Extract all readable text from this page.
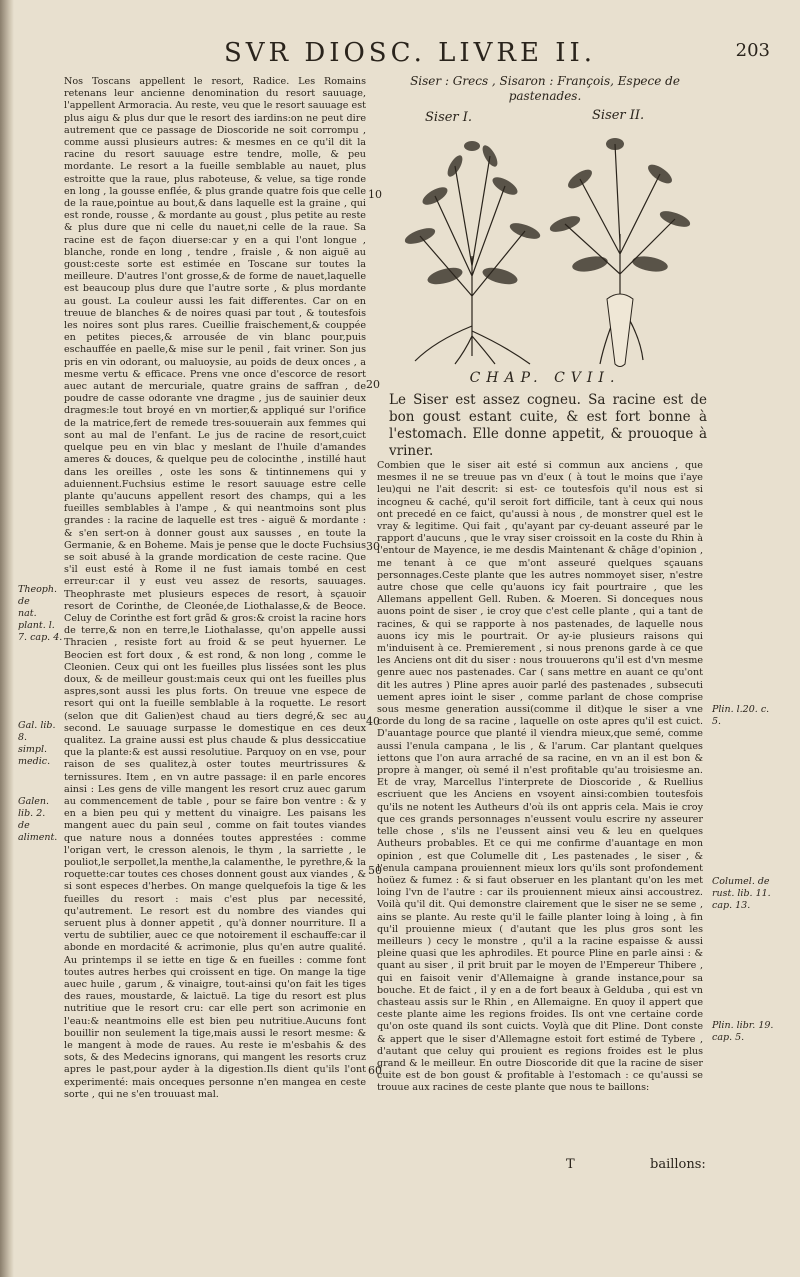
SVR DIOSC. LIVRE II.	203

Nos Toscans appellent le resort, Radice. Les Romains retenans leur ancienne denomination du resort sauuage, l'appellent Armoracia. Au reste, veu que le resort sauuage est plus aigu & plus dur que le resort des iardins:on ne peut dire autrement que ce passage de Dioscoride ne soit corrompu , comme aussi plusieurs autres: & mesmes en ce qu'il dit la racine du resort sauuage estre tendre, molle, & peu mordante. Le resort a la fueille semblable au nauet, plus estroitte que la raue, plus raboteuse, & velue, sa tige ronde en long , la gousse enflée, & plus grande quatre fois que celle de la raue,pointue au bout,& dans laquelle est la graine , qui est ronde, rousse , & mordante au goust , plus petite au reste & plus dure que ni celle du nauet,ni celle de la raue. Sa racine est de façon diuerse:car y en a qui l'ont longue , blanche, ronde en long , tendre , fraisle , & non aiguë au goust:ceste sorte est estimée en Toscane sur toutes la meilleure. D'autres l'ont grosse,& de forme de nauet,laquelle est beaucoup plus dure que l'autre sorte , & plus mordante au goust. La couleur aussi les fait differentes. Car on en treuue de blanches & de noires quasi par tout , & toutesfois les noires sont plus rares. Cueillie fraischement,& couppée en petites pieces,& arrousée de vin blanc pour,puis eschauffée en paelle,& mise sur le penil , fait vriner. Son jus pris en vin odorant, ou maluoysie, au poids de deux onces , a mesme vertu & efficace. Prens vne once d'escorce de resort auec autant de mercuriale, quatre grains de saffran , de poudre de casse odorante vne dragme , jus de sauinier deux dragmes:le tout broyé en vn mortier,& appliqué sur l'orifice de la matrice,fert de remede tres-souuerain aux femmes qui sont au mal de l'enfant. Le jus de racine de resort,cuict quelque peu en vin blac y meslant de l'huile d'amandes ameres & douces, & quelque peu de colocinthe , instillé haut dans les oreilles , oste les sons & tintinnemens qui y aduiennent.Fuchsius estime le resort sauuage estre celle plante qu'aucuns appellent resort des champs, qui a les fueilles semblables à l'ampe , & qui neantmoins sont plus grandes : la racine de laquelle est tres - aiguë & mordante : & s'en sert-on à donner goust aux sausses , en toute la Germanie, & en Boheme. Mais je pense que le docte Fuchsius se soit abusé à la grande mordication de ceste racine. Que s'il eust esté à Rome il ne fust iamais tombé en cest erreur:car il y eust veu assez de resorts, sauuages. Theophraste met plusieurs especes de resort, à sçauoir resort de Corinthe, de Cleonée,de Liothalasse,& de Beoce. Celuy de Corinthe est fort grãd & gros:& croist la racine hors de terre,& non en terre,le Liothalasse, qu'on appelle aussi Thracien , resiste fort au froid & se peut hyuerner. Le Beocien est fort doux , & est rond, & non long , comme le Cleonien. Ceux qui ont les fueilles plus lissées sont les plus doux, & de meilleur goust:mais ceux qui ont les fueilles plus aspres,sont aussi les plus forts. On treuue vne espece de resort qui ont la fueille semblable à la roquette. Le resort (selon que dit Galien)est chaud au tiers degré,& sec au second. Le sauuage surpasse le domestique en ces deux qualitez. La graine aussi est plus chaude & plus dessiccatiue que la plante:& est aussi resolutiue. Parquoy on en vse, pour raison de ses qualitez,à oster toutes meurtrissures & ternissures. Item , en vn autre passage: il en parle encores ainsi : Les gens de ville mangent les resort cruz auec garum au commencement de table , pour se faire bon ventre : & y en a bien peu qui y mettent du vinaigre. Les paisans les mangent auec du pain seul , comme on fait toutes viandes que nature nous a données toutes apprestées : comme l'origan vert, le cresson alenois, le thym , la sarriette , le pouliot,le serpollet,la menthe,la calamenthe, le pyrethre,& la roquette:car toutes ces choses donnent goust aux viandes , & si sont especes d'herbes. On mange quelquefois la tige & les fueilles du resort : mais c'est plus par necessité, qu'autrement. Le resort est du nombre des viandes qui seruent plus à donner appetit , qu'à donner nourriture. Il a vertu de subtilier, auec ce que notoirement il eschauffe:car il abonde en mordacité & acrimonie, plus qu'en autre qualité. Au printemps il se iette en tige & en fueilles : comme font toutes autres herbes qui croissent en tige. On mange la tige auec huile , garum , & vinaigre, tout-ainsi qu'on fait les tiges des raues, moustarde, & laictuë. La tige du resort est plus nutritiue que le resort cru: car elle pert son acrimonie en l'eau:& neantmoins elle est bien peu nutritiue.Aucuns font bouillir non seulement la tige,mais aussi le resort mesme: & le mangent à mode de raues. Au reste ie m'esbahis & des sots, & des Medecins ignorans, qui mangent les resorts cruz apres le past,pour ayder à la digestion.Ils dient qu'ils l'ont experimenté: mais onceques personne n'en mangea en ceste sorte , qui ne s'en trouuast mal.

Siser : Grecs , Sisaron : François, Espece de pastenades.
Siser I.	Siser II.
CHAP. CVII.
Le Siser est assez cogneu. Sa racine est de bon goust estant cuite, & est fort bonne à l'estomach. Elle donne appetit, & prouoque à vriner.

Combien que le siser ait esté si commun aux anciens , que mesmes il ne se treuue pas vn d'eux ( à tout le moins que i'aye leu)qui ne l'ait descrit: si est- ce toutesfois qu'il nous est si incogneu & caché, qu'il seroit fort difficile, tant à ceux qui nous ont precedé en ce faict, qu'aussi à nous , de monstrer quel est le vray & legitime. Qui fait , qu'ayant par cy-deuant asseuré par le rapport d'aucuns , que le vray siser croissoit en la coste du Rhin à l'entour de Mayence, ie me desdis Maintenant & chãge d'opinion , me tenant à ce que m'ont asseuré quelques sçauans personnages.Ceste plante que les autres nommoyet siser, n'estre autre chose que celle qu'auons icy fait pourtraire , que les Allemans appellent Gell. Ruben. & Moeren. Si donceques nous auons point de siser , ie croy que c'est celle plante , qui a tant de racines, & qui se rapporte à nos pastenades, de laquelle nous auons icy mis le pourtrait. Or ay-ie plusieurs raisons qui m'induisent à ce. Premierement , si nous prenons garde à ce que les Anciens ont dit du siser : nous trouuerons qu'il est d'vn mesme genre auec nos pastenades. Car ( sans mettre en auant ce qu'ont dit les autres ) Pline apres auoir parlé des pastenades , subsecuti uement apres ioint le siser , comme parlant de chose comprise sous mesme generation aussi(comme il dit)que le siser a vne corde du long de sa racine , laquelle on oste apres qu'il est cuict. D'auantage pource que planté il viendra mieux,que semé, comme aussi l'enula campana , le lis , & l'arum. Car plantant quelques iettons que l'on aura arraché de sa racine, en vn an il est bon & propre à manger, où semé il n'est profitable qu'au troisiesme an. Et de vray, Marcellus l'interprete de Dioscoride , & Ruellius escriuent que les Anciens en vsoyent ainsi:combien toutesfois qu'ils ne notent les Autheurs d'où ils ont appris cela. Mais ie croy que ces grands personnages n'eussent voulu escrire ny asseurer telle chose , s'ils ne l'eussent ainsi veu & leu en quelques Autheurs probables. Et ce qui me confirme d'auantage en mon opinion , est que Columelle dit , Les pastenades , le siser , & l'enula campana prouiennent mieux lors qu'ils sont profondement hoüez & fumez : & si faut obseruer en les plantant qu'on les met loing l'vn de l'autre : car ils prouiennent mieux ainsi accoustrez. Voilà qu'il dit. Qui demonstre clairement que le siser ne se seme , ains se plante. Au reste qu'il le faille planter loing à loing , à fin qu'il prouienne mieux ( d'autant que les plus gros sont les meilleurs ) cecy le monstre , qu'il a la racine espaisse & aussi pleine quasi que les aphrodiles. Et pource Pline en parle ainsi : & quant au siser , il prit bruit par le moyen de l'Empereur Thibere , qui en faisoit venir d'Allemaigne à grande instance,pour sa bouche. Et de faict , il y en a de fort beaux à Gelduba , qui est vn chasteau assis sur le Rhin , en Allemaigne. En quoy il appert que ceste plante aime les regions froides. Ils ont vne certaine corde qu'on oste quand ils sont cuicts. Voylà que dit Pline. Dont conste & appert que le siser d'Allemagne estoit fort estimé de Tybere , d'autant que celuy qui prouient es regions froides est le plus grand & le meilleur. En outre Dioscoride dit que la racine de siser cuite est de bon goust & profitable à l'estomach : ce qu'aussi se trouue aux racines de ceste plante que nous te baillons:

Theoph. de
nat. plant. l.
7. cap. 4.
Gal. lib. 8.
simpl. medic.
Galen. lib. 2.
de aliment.
Plin. l.20. c.
5.
Columel. de
rust. lib. 11.
cap. 13.
Plin. libr. 19.
cap. 5.
10
20
30
40
50
60
T	baillons:
